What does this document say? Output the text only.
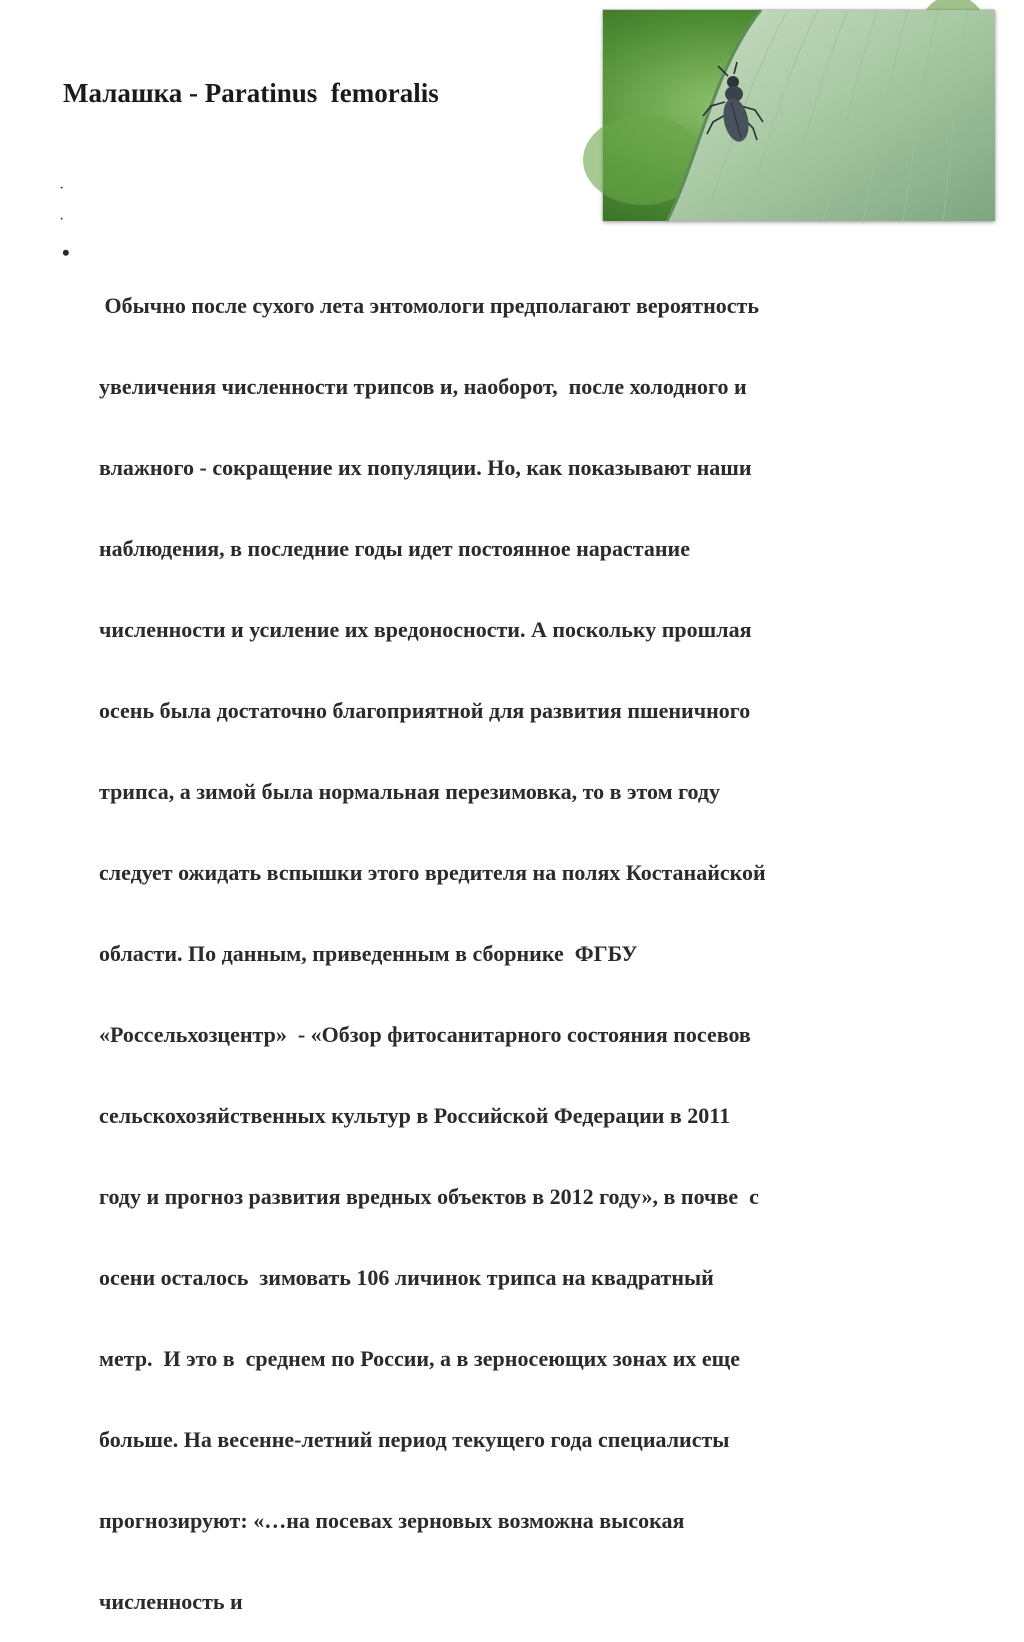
Малашка - Paratinus  femoralis
·
·
•

Обычно после сухого лета энтомологи предполагают вероятность

увеличения численности трипсов и, наоборот,  после холодного и

влажного - сокращение их популяции. Но, как показывают наши

наблюдения, в последние годы идет постоянное нарастание

численности и усиление их вредоносности. А поскольку прошлая

осень была достаточно благоприятной для развития пшеничного

трипса, а зимой была нормальная перезимовка, то в этом году

следует ожидать вспышки этого вредителя на полях Костанайской

области. По данным, приведенным в сборнике  ФГБУ

«Россельхозцентр»  - «Обзор фитосанитарного состояния посевов

сельскохозяйственных культур в Российской Федерации в 2011

году и прогноз развития вредных объектов в 2012 году», в почве  с

осени осталось  зимовать 106 личинок трипса на квадратный

метр.  И это в  среднем по России, а в зерносеющих зонах их еще

больше. На весенне-летний период текущего года специалисты

прогнозируют: «…на посевах зерновых возможна высокая

численность и
